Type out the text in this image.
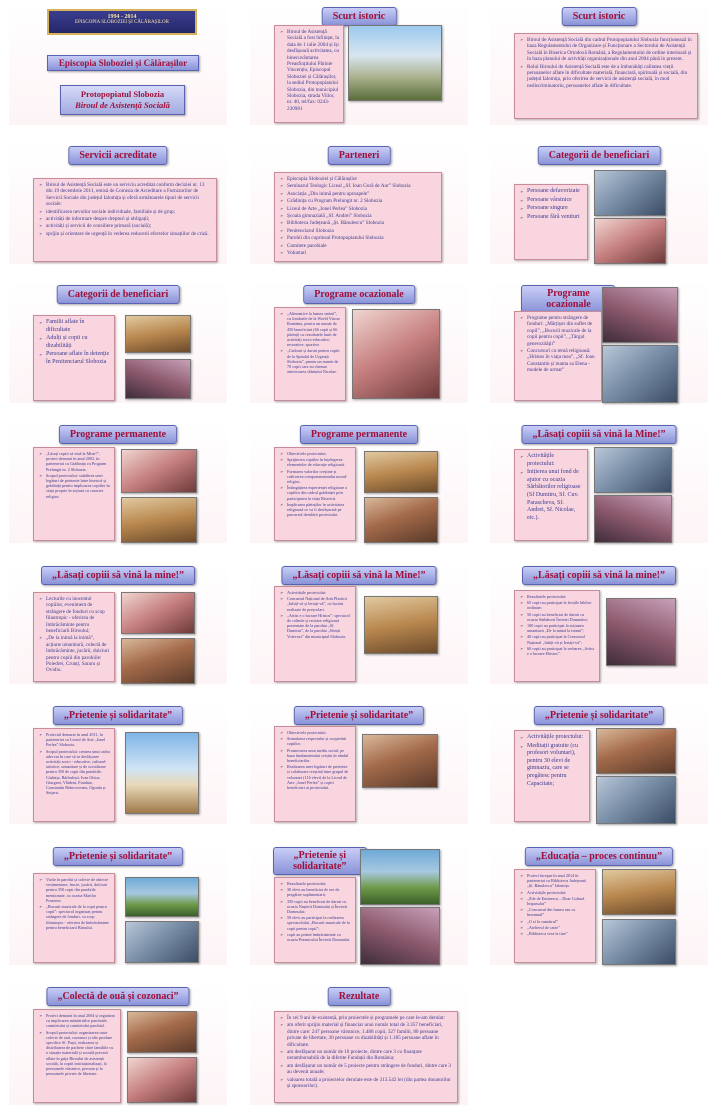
1994 - 2014
EPISCOPIA SLOBOZIEI ȘI CĂLĂRAȘILOR
Episcopia Sloboziei și Călărașilor
Protopopiatul Slobozia
Biroul de Asistență Socială
Scurt istoric
➢ Biroul de Asistență Socială a fost înființat, la data de 1 iulie 2004 și își desfășoară activitatea, cu binecuvântarea Preasfințitului Părinte Vincențiu, Episcopul Sloboziei și Călărașilor, la sediul Protopopiatului Slobozia, din municipiul Slobozia, strada Viilor, nr. 40, tel/fax: 0243-230981
Scurt istoric
➢ Biroul de Asistență Socială din cadrul Protopopiatului Slobozia funcționează în baza Regulamentului de Organizare și Funcționare a Sectorului de Asistență Socială în Biserica Ortodoxă Română, a Regulamentului de ordine interioară și în baza planului de activități organizaționale din anul 2004 până în prezent.
➢ Rolul Biroului de Asistență Socială este de a îmbunătăți calitatea vieții persoanelor aflate în dificultate materială, financiară, spirituală și socială, din județul Ialomița, prin oferirea de servicii de asistență socială, în mod nediscriminatoriu, persoanelor aflate în dificultate.
Servicii acreditate
➢ Biroul de Asistență Socială este un serviciu acreditat conform deciziei nr. 13 din 19 decembrie 2011, emisă de Comisia de Acreditare a Furnizorilor de Servicii Sociale din județul Ialomița și oferă următoarele tipuri de servicii sociale:
➢ identificarea nevoilor sociale individuale, familiale și de grup;
➢ activități de informare despre drepturi și obligații;
➢ activități și servicii de consiliere primară (socială);
➢ sprijin și orientare de urgență în vederea reducerii efectelor situațiilor de criză.
Parteneri
➢ Episcopia Sloboziei și Călărașilor
➢ Seminarul Teologic Liceal „Sf. Ioan Gură de Aur” Slobozia
➢ Asociația „Din inimă pentru aproapele”
➢ Grădinița cu Program Prelungit nr. 2 Slobozia
➢ Liceul de Arte „Ionel Perlea” Slobozia
➢ Școala gimnazială „Sf. Andrei” Slobozia
➢ Biblioteca Județeană „Șt. Bănulescu” Slobozia
➢ Penitenciarul Slobozia
➢ Parohii din cuprinsul Protopopiatului Slobozia
➢ Comitete parohiale
➢ Voluntari
Categorii de beneficiari
➢ Persoane defavorizate
➢ Persoane vârstnice
➢ Persoane singure
➢ Persoane fără venituri
Categorii de beneficiari
➢ Familii aflate în dificultate
➢ Adulți și copii cu dizabilități
➢ Persoane aflate în detenție în Penitenciarul Slobozia
Programe ocazionale
➢ „Alternative la lumea străzii”, cu fondurile de la World Vision România, pentru un număr de 450 beneficiari (66 copii și 66 părinți) cu rezultatele lunii de activități socio-educative, recreative, sportive.
➢ „Cadouri și daruri pentru copiii de la Spitalul de Urgență Slobozia”, pentru un număr de 70 copii care au chemat aniversarea sfântului Nicolae.
Programe ocazionale
➢ Programe pentru strângere de fonduri: „Mărțișor din suflet de copil”, „Bucurii muzicale de la copii pentru copii”, „Târgul generozității”
➢ Concursuri cu temă religioasă: „Hristos în viața mea”, „Sf. Ioan Constantin și mama sa Elena - modele de urmat”
Programe permanente
➢ „Lăsați copiii să vină la Mine!”, proiect demarat în anul 2003, în parteneriat cu Grădinița cu Program Prelungit nr. 2 Slobozia.
➢ Scopul proiectului: stabilirea unei legături de prietenie între biserică și grădiniță pentru implicarea copiilor în viața proprie în acțiuni cu caracter religios.
Programe permanente
➢ Obiectivele proiectului:
➢ Sprijinirea copiilor în înțelegerea elementelor de educație religioasă.
➢ Formarea valorilor creștine și cultivarea comportamentului moral-religios.
➢ Îmbogățirea experienței religioase a copiilor din cadrul grădiniței prin participarea la viața Bisericii.
➢ Implicarea părinților în activitatea religioasă ce va fi desfășurată pe parcursul derulării proiectului.
„Lăsați copiii să vină la Mine!”
➢ Activitățile proiectului:
➢ Inițierea unui fond de ajutor cu ocazia Sărbătorilor religioase (Sf Dumitru, Sf. Cuv. Parascheva, Sf. Andrei, Sf. Nicolae, etc.).
„Lăsați copiii să vină la mine!”
➢ Lecturile cu inocentul copiilor, eveniment de strângere de fonduri cu scop filantropic - oferirea de îmbrăcăminte pentru beneficiarii Biroului;
➢ „De la inimă la inimă”, acțiune umanitară, colectă de îmbrăcăminte, jucării, dulciuri pentru copiii din parohiile: Poiedrei, Crunți, Sararu și Ovidiu.
„Lăsați copiii să vină la Mine!”
➢ Activitățile proiectului:
➢ Concursul Național de Artă Plastică „Iubiți-vă și Iertați-vă”, cu lucrări realizate de preșcolari.
➢ „Artist e o lucrare Hristos”: spectacol de colinde și recitare religioasă prezentate de la parohia „Sf. Dumitru”, de la parohia „Sfinții Voievozi” din municipiul Slobozia.
„Lăsați copiii să vină la mine!”
➢ Rezultatele proiectului:
➢ 65 copii au participat la lecțiile biblice ordinate;
➢ 50 copii au beneficiat de daruri cu ocazia Sărbătorii Învierii Domnului;
➢ 100 copii au participat la acțiunea umanitară „De la inimă la inimă”;
➢ 40 copii au participat la Concursul Național „Iubiți-vă și Iertați-vă”;
➢ 60 copii au participat la serbarea „Artist e o lucrare Hristos”.
„Prietenie și solidaritate”
➢ Proiectul demarat în anul 2011, în parteneriat cu Liceul de Arte „Ionel Perlea” Slobozia.
➢ Scopul proiectului: crearea unui cadru adecvat în care să se desfășoare activități socio - educative, cultural-artistice, umanitare și de socializare pentru 350 de copii din parohiile: Ciulnița, Bărbulești, Ivan Ghica, Giurgeni, Vlădeni, Fundata, Constantin Brâncoveanu, Ograda și Stejaru.
„Prietenie și solidaritate”
➢ Obiectivele proiectului:
➢ Stimularea respectului și cooperării copiilor.
➢ Promovarea unui mediu social, pe baza fundamentului creștin în rândul beneficiarilor.
➢ Realizarea unei legături de prietenie și colaborare creștină între grupul de voluntari (116 elevi) de la Liceul de Arte „Ionel Perlea” și copiii beneficiari ai proiectului.
„Prietenie și solidaritate”
➢ Activitățile proiectului:
➢ Meditații gratuite (cu profesori voluntari), pentru 30 elevi de gimnaziu, care se pregătesc pentru Capacitate;
„Prietenie și solidaritate”
➢ Vizite în parohii și colecte de obiecte vestimentare, fructe, jucării, dulciuri pentru 350 copii din parohiile menționate, cu ocazia Marilor Praznice;
➢ „Bucurii muzicale de la copii pentru copii”: spectacol organizat pentru strângere de fonduri, cu scop filantropic - oferirea de îmbrăcăminte pentru beneficiarii Biroului.
„Prietenie și solidaritate”
➢ Rezultatele proiectului:
➢ 30 elevi au beneficiat de ore de pregătire suplimentară;
➢ 350 copii au beneficiat de daruri cu ocazia Nașterii Domnului și Învierii Domnului;
➢ 50 elevi au participat la realizarea spectacolului „Bucurii muzicale de la copii pentru copii”;
➢ copii au primit îmbrăcăminte cu ocazia Praznicului Învierii Domnului.
„Educația – proces continuu”
➢ Proiect început în anul 2014 în parteneriat cu Biblioteca Județeană „Șt. Bănulescu” Ialomița.
➢ Activitățile proiectului:
➢ „Zile de Eminescu – Doar Cultură Impusului”
➢ „Concursul din lumea sau cu însemnul”
➢ „O zi la cumătrul”
➢ „Atelierul de carte”
➢ „Biblioteca vrea la tine”
„Colectă de ouă și cozonaci”
➢ Proiect demarat în anul 2004 și organizat cu implicarea mănăstirilor parohiale, comitetului și comitetului parohial.
➢ Scopul proiectului: organizarea unor colecte de ouă, cozonaci și alte produse specifice Sf. Paști, realizarea și distribuirea de pachete către familiile cu o situație materială și socială precară aflate în grija Biroului de asistență socială, la copiii instituționalizați, la persoanele vârstnice, precum și la persoanele private de libertate.
Rezultate
➢ În cei 9 ani de existență, prin proiectele și programele pe care le-am derulat:
➢ am oferit sprijin material și financiar unui număr total de 3.357 beneficiari, dintre care: 247 persoane vârstnice, 1.488 copii, 327 familii, 80 persoane private de libertate, 30 persoane cu dizabilități și 1.185 persoane aflate în dificultate.
➢ am desfășurat un număr de 10 proiecte, dintre care 3 cu finanțare nerambursabilă de la diferite Fundații din România;
➢ am desfășurat un număr de 5 proiecte pentru strângere de fonduri, dintre care 3 au devenit anuale;
➢ valoarea totală a proiectelor derulate este de 313.542 lei (din partea donatorilor și sponsorilor).
